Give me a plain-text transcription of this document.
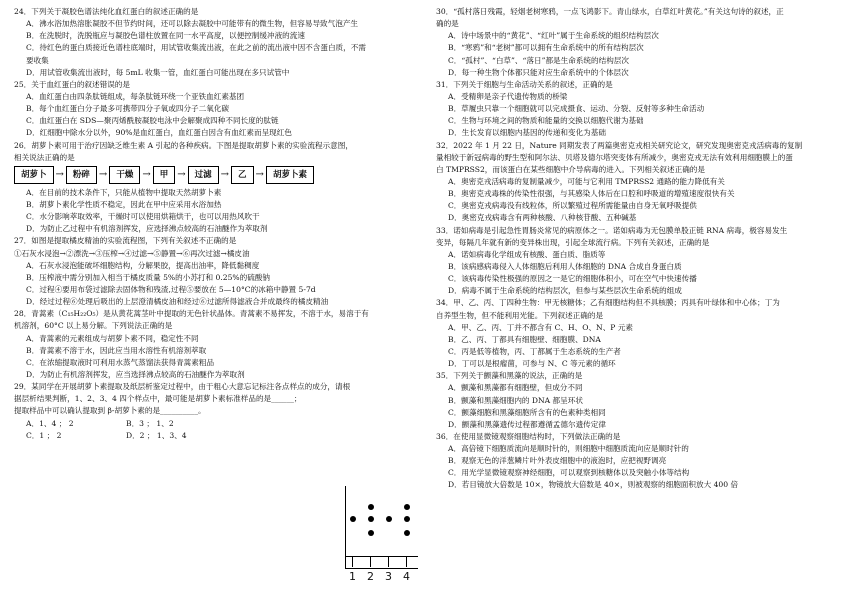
24．下列关于凝胶色谱法纯化血红蛋白的叙述正确的是
A．沸水浴加热溶胀凝胶不但节约时间，还可以除去凝胶中可能带有的微生物，但容易导致气泡产生
B．在洗脱时，洗脱瓶应与凝胶色谱柱放置在同一水平高度，以便控制缓冲液的流速
C．待红色的蛋白质接近色谱柱底端时，用试管收集流出液，在此之前的流出液中因不含蛋白质，不需
要收集
D．用试管收集流出液时，每 5mL 收集一管，血红蛋白可能出现在多只试管中
25．关于血红蛋白的叙述错误的是
A．血红蛋白由四条肽链组成，每条肽链环绕一个亚铁血红素基团
B．每个血红蛋白分子最多可携带四分子氧或四分子二氧化碳
C．血红蛋白在 SDS—聚丙烯酰胺凝胶电泳中会解聚成四种不同长度的肽链
D．红细胞中除水分以外，90%是血红蛋白，血红蛋白因含有血红素而呈现红色
26．胡萝卜素可用于治疗因缺乏维生素 A 引起的各种疾病。下图是提取胡萝卜素的实验流程示意图，
相关说法正确的是
胡萝卜 →	粉碎 →	干燥 →	甲 →	过滤 →	乙 →	胡萝卜素
A．在目前的技术条件下，只能从植物中提取天然胡萝卜素
B．胡萝卜素化学性质不稳定，因此在甲中应采用水浴加热
C．水分影响萃取效率，干燥时可以使用烘箱烘干，也可以用热风吹干
D．为防止乙过程中有机溶剂挥发，应选择沸点较高的石油醚作为萃取剂
27．如图是提取橘皮精油的实验流程图，下列有关叙述不正确的是
①石灰水浸泡→②漂洗→③压榨→④过滤→⑤静置→⑥再次过滤→橘皮油
A．石灰水浸泡能破坏细胞结构，分解果胶，提高出油率，降低黏稠度
B．压榨液中需分别加入相当于橘皮质量 5%的小苏打和 0.25%的硫酸钠
C．过程④要用布袋过滤除去固体物和残渣,过程⑤要放在 5—10°C的冰箱中静置 5-7d
D．经过过程⑥处理后吸出的上层澄清橘皮油和经过⑥过滤所得滤液合并成最终的橘皮精油
28．青蒿素（C₁₅H₂₂O₅）是从黄花蒿茎叶中提取的无色针状晶体。青蒿素不易挥发，不溶于水，易溶于有
机溶剂，60°C 以上易分解。下列说法正确的是
A．青蒿素的元素组成与胡萝卜素不同，稳定性不同
B．青蒿素不溶于水，因此应当用水溶性有机溶剂萃取
C．在浓缩提取液时可利用水蒸气蒸馏法获得青蒿素粗品
D．为防止有机溶剂挥发，应当选择沸点较高的石油醚作为萃取剂
29．某同学在开展胡萝卜素提取及纸层析鉴定过程中，由于粗心大意忘记标注各点样点的成分，请根
据层析结果判断，1、2、3、4 四个样点中，最可能是胡萝卜素标准样品的是______；
提取样品中可以确认提取到 β-胡萝卜素的是__________。
A．1、4 ； 2	B．3 ； 1、2
C．1 ； 2	D．2 ； 1、3、4
30．“孤村落日残霞，轻烟老树寒鸦，一点飞鸿影下。青山绿水，白草红叶黄花。”有关这句诗的叙述，正
确的是
A．诗中场景中的“黄花”、“红叶”属于生命系统的组织结构层次
B．“寒鸦”和“老树”都可以拥有生命系统中的所有结构层次
C．“孤村”、“白草”、“落日”都是生命系统的结构层次
D．每一种生物个体都只能对应生命系统中的个体层次
31．下列关于细胞与生命活动关系的叙述，正确的是
A．受精卵是亲子代遗传物质的桥梁
B．草履虫只靠一个细胞就可以完成摄食、运动、分裂、反射等多种生命活动
C．生物与环境之间的物质和能量的交换以细胞代谢为基础
D．生长发育以细胞内基因的传递和变化为基础
32．2022 年 1 月 22 日，Nature 同期发表了两篇奥密克戎相关研究论文，研究发现奥密克戎活病毒的复制
量相较于新冠病毒的野生型和阿尔法、贝塔及德尔塔突变体有所减少，奥密克戎无法有效利用细胞膜上的蛋
白 TMPRSS2，而该蛋白在某些细胞中介导病毒的进入。下列相关叙述正确的是
A．奥密克戎活病毒的复制量减少，可能与它利用 TMPRSS2 通路的能力降低有关
B．奥密克戎毒株的传染性很强，与其感染人体后在口腔和呼吸道的增殖速度很快有关
C．奥密克戎病毒没有线粒体，所以繁殖过程所需能量由自身无氧呼吸提供
D．奥密克戎病毒含有两种核酸、八种核苷酸、五种碱基
33．诺如病毒是引起急性胃肠炎常见的病原体之一。诺如病毒为无包膜单股正链 RNA 病毒，极容易发生
变异，每隔几年就有新的变异株出现，引起全球流行病。下列有关叙述，正确的是
A．诺如病毒化学组成有核酸、蛋白质、脂质等
B．该病感病毒侵入人体细胞后利用人体细胞的 DNA 合成自身蛋白质
C．该病毒传染性极强的原因之一是它的细胞体积小，可在空气中快速传播
D．病毒不属于生命系统的结构层次，但参与某些层次生命系统的组成
34．甲、乙、丙、丁四种生物：甲无核糖体；乙有细胞结构但不具核膜；丙具有叶绿体和中心体；丁为
自养型生物，但不能利用光能。下列叙述正确的是
A．甲、乙、丙、丁并不都含有 C、H、O、N、P 元素
B．乙、丙、丁都具有细胞壁、细胞膜、DNA
C．丙是低等植物，丙、丁都属于生态系统的生产者
D．丁可以是根瘤菌，可参与 N、C 等元素的循环
35．下列关于颤藻和黑藻的说法，正确的是
A．颤藻和黑藻都有细胞壁，但成分不同
B．颤藻和黑藻细胞内的 DNA 都呈环状
C．颤藻细胞和黑藻细胞所含有的色素种类相同
D．颤藻和黑藻遗传过程都遵循孟德尔遗传定律
36．在使用显微镜观察细胞结构时，下列做法正确的是
A．高倍镜下细胞质流向是顺时针的，则细胞中细胞质流向应是顺时针的
B．观察无色的洋葱鳞片叶外表皮细胞中的液泡时，应把视野调亮
C．用光学显微镜观察神经细胞，可以观察到核糖体以及突触小体等结构
D．若目镜放大倍数是 10×，物镜放大倍数是 40×，则被观察的细胞面积放大 400 倍
1 2 3 4
